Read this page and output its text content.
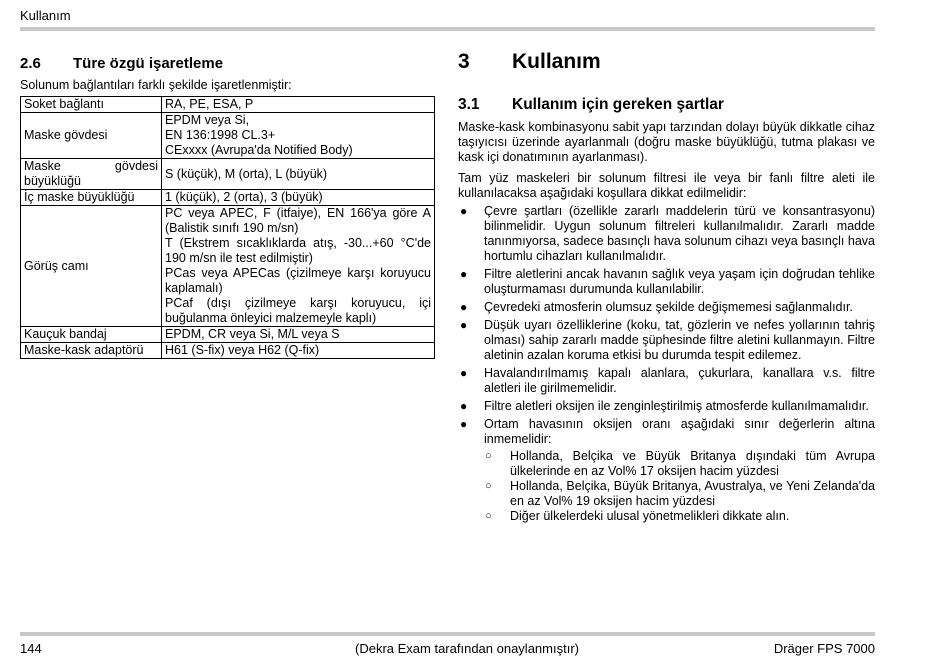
Kullanım
2.6	Türe özgü işaretleme
Solunum bağlantıları farklı şekilde işaretlenmiştir:
Soket bağlantı	RA, PE, ESA, P
Maske gövdesi	EPDM veya Si,
EN 136:1998 CL.3+
CExxxx (Avrupa'da Notified Body)

Maske gövdesi büyüklüğü	S (küçük), M (orta), L (büyük)
İç maske büyüklüğü	1 (küçük), 2 (orta), 3 (büyük)
Görüş camı	PC veya APEC, F (itfaiye), EN 166'ya göre A (Balistik sınıfı 190 m/sn)
T (Ekstrem sıcaklıklarda atış, -30...+60 °C'de 190 m/sn ile test edilmiştir)
PCas veya APECas (çizilmeye karşı koruyucu kaplamalı)
PCaf (dışı çizilmeye karşı koruyucu, içi buğulanma önleyici malzemeyle kaplı)

Kauçuk bandaj	EPDM, CR veya Si, M/L veya S
Maske-kask adaptörü	H61 (S-fix) veya H62 (Q-fix)
3	Kullanım
3.1	Kullanım için gereken şartlar
Maske-kask kombinasyonu sabit yapı tarzından dolayı büyük dikkatle cihaz taşıyıcısı üzerinde ayarlanmalı (doğru maske büyüklüğü, tutma plakası ve kask içi donatımının ayarlanması).
Tam yüz maskeleri bir solunum filtresi ile veya bir fanlı filtre aleti ile kullanılacaksa aşağıdaki koşullara dikkat edilmelidir:
● Çevre şartları (özellikle zararlı maddelerin türü ve konsantrasyonu) bilinmelidir. Uygun solunum filtreleri kullanılmalıdır. Zararlı madde tanınmıyorsa, sadece basınçlı hava solunum cihazı veya basınçlı hava hortumlu cihazları kullanılmalıdır.
● Filtre aletlerini ancak havanın sağlık veya yaşam için doğrudan tehlike oluşturmaması durumunda kullanılabilir.
● Çevredeki atmosferin olumsuz şekilde değişmemesi sağlanmalıdır.
● Düşük uyarı özelliklerine (koku, tat, gözlerin ve nefes yollarının tahriş olması) sahip zararlı madde şüphesinde filtre aletini kullanmayın. Filtre aletinin azalan koruma etkisi bu durumda tespit edilemez.
● Havalandırılmamış kapalı alanlara, çukurlara, kanallara v.s. filtre aletleri ile girilmemelidir.
● Filtre aletleri oksijen ile zenginleştirilmiş atmosferde kullanılmamalıdır.
● Ortam havasının oksijen oranı aşağıdaki sınır değerlerin altına inmemelidir:
○ Hollanda, Belçika ve Büyük Britanya dışındaki tüm Avrupa ülkelerinde en az Vol% 17 oksijen hacim yüzdesi
○ Hollanda, Belçika, Büyük Britanya, Avustralya, ve Yeni Zelanda'da en az Vol% 19 oksijen hacim yüzdesi
○ Diğer ülkelerdeki ulusal yönetmelikleri dikkate alın.
144	(Dekra Exam tarafından onaylanmıştır)	Dräger FPS 7000
